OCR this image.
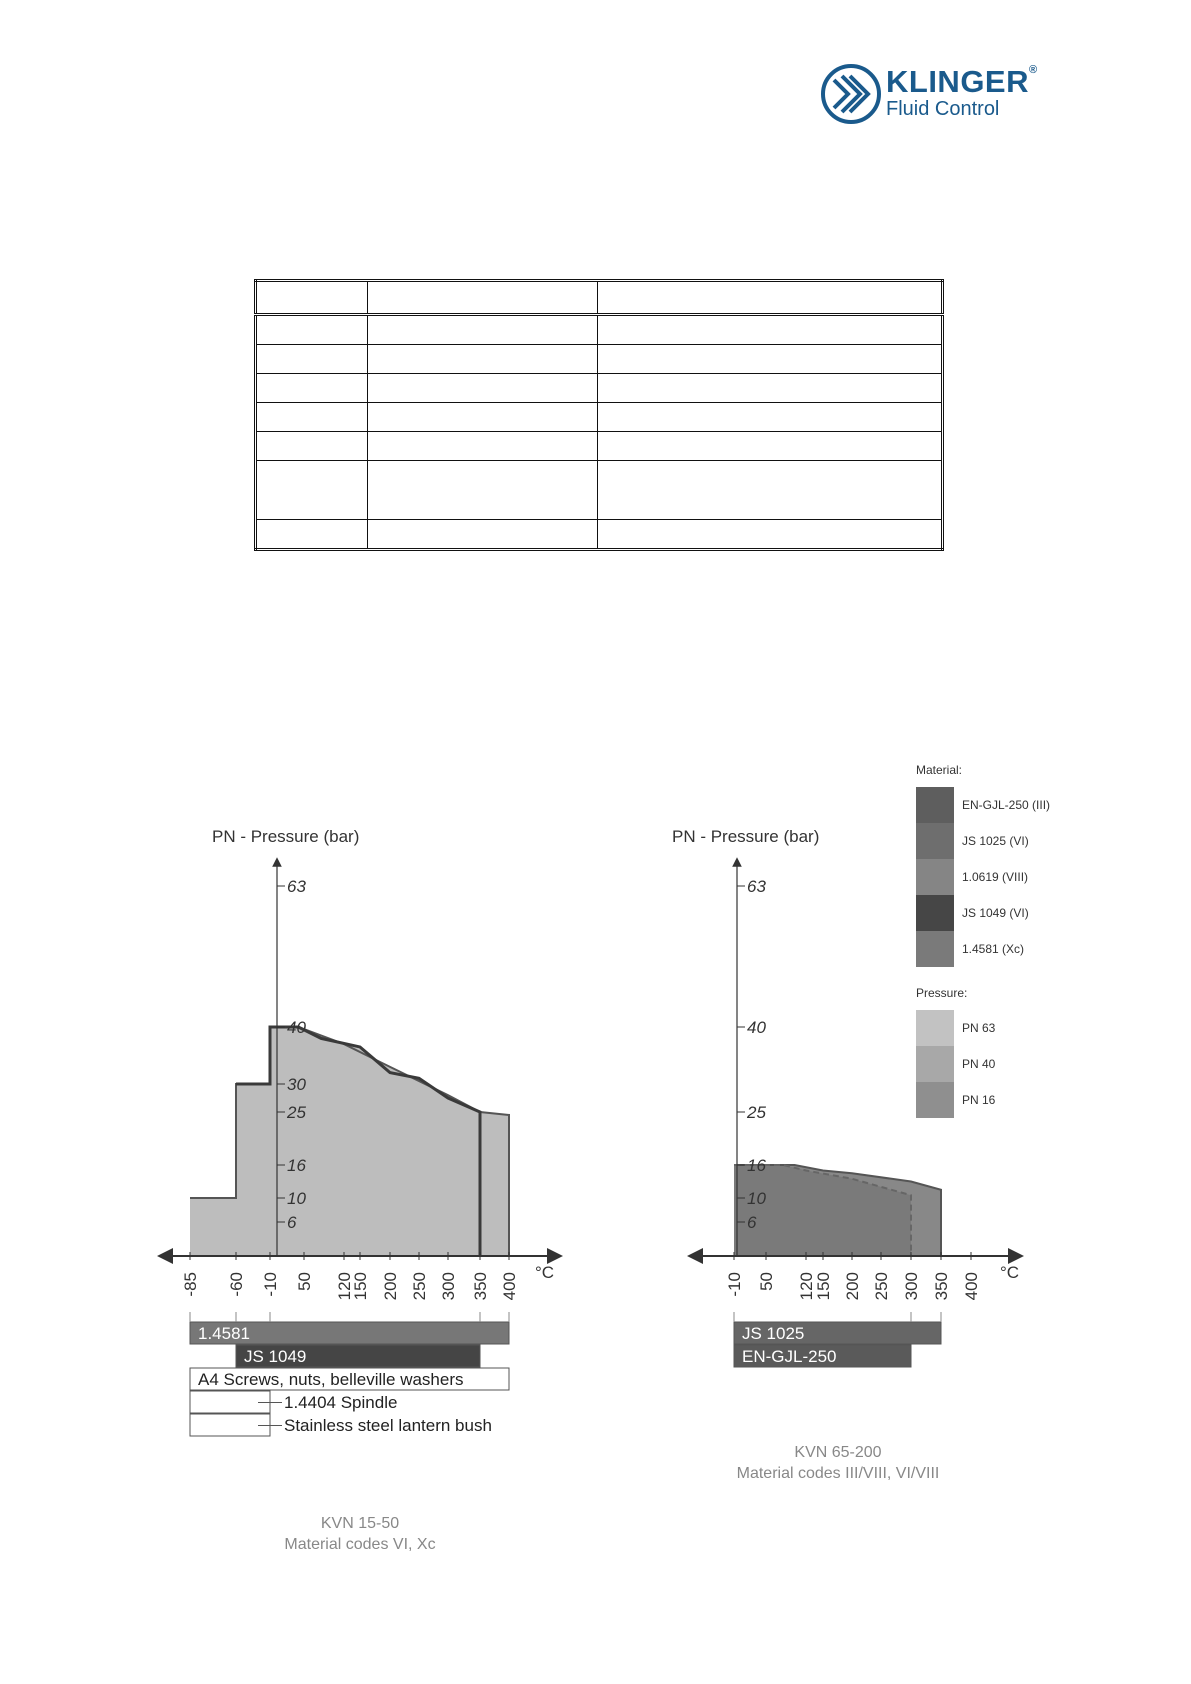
KLINGER®
Fluid Control

PN - Pressure (bar)
63
40
30
25
16
10
6
-85 -60 -10 50 120
150 200 250 300 350 400 °C
1.4581
JS 1049
A4 Screws, nuts, belleville washers
1.4404 Spindle
Stainless steel lantern bush
KVN 15-50
Material codes VI, Xc
PN - Pressure (bar)
63
40
25
16
10
6
-10 50 120
150 200 250 300 350 400 °C
JS 1025
EN-GJL-250
KVN 65-200
Material codes III/VIII, VI/VIII
Material:
EN-GJL-250 (III)
JS 1025 (VI)
1.0619 (VIII)
JS 1049 (VI)
1.4581 (Xc)
Pressure:
PN 63
PN 40
PN 16
